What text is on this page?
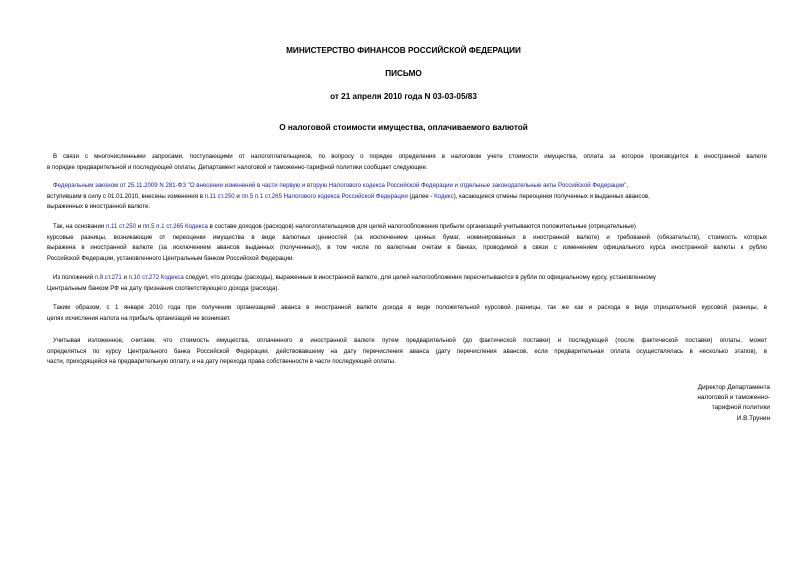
МИНИСТЕРСТВО ФИНАНСОВ РОССИЙСКОЙ ФЕДЕРАЦИИ
ПИСЬМО
от 21 апреля 2010 года N 03-03-05/83
О налоговой стоимости имущества, оплачиваемого валютой
В связи с многочисленными запросами, поступающими от налогоплательщиков, по вопросу о порядке определения в налоговом учете стоимости имущества, оплата за которое производится в иностранной валюте
в порядке предварительной и последующей оплаты, Департамент налоговой и таможенно-тарифной политики сообщает следующее.
Федеральным законом от 25.11.2009 N 281-ФЗ "О внесении изменений в части первую и вторую Налогового кодекса Российской Федерации и отдельные законодательные акты Российской Федерации",
вступившим в силу с 01.01.2010, внесены изменения в п.11 ст.250 и пп.5 п.1 ст.265 Налогового кодекса Российской Федерации (далее - Кодекс), касающиеся отмены переоценки полученных и выданных авансов,
выраженных в иностранной валюте.
Так, на основании п.11 ст.250 и пп.5 п.1 ст.265 Кодекса в составе доходов (расходов) налогоплательщиков для целей налогообложения прибыли организаций учитываются положительные (отрицательные)
курсовые разницы, возникающие от переоценки имущества в виде валютных ценностей (за исключением ценных бумаг, номинированных в иностранной валюте) и требований (обязательств), стоимость которых
выражена в иностранной валюте (за исключением авансов выданных (полученных)), в том числе по валютным счетам в банках, проводимой в связи с изменением официального курса иностранной валюты к рублю
Российской Федерации, установленного Центральным банком Российской Федерации.
Из положений п.8 ст.271 и п.10 ст.272 Кодекса следует, что доходы (расходы), выраженные в иностранной валюте, для целей налогообложения пересчитываются в рубли по официальному курсу, установленному
Центральным банком РФ на дату признания соответствующего дохода (расхода).
Таким образом, с 1 января 2010 года при получении организацией аванса в иностранной валюте дохода в виде положительной курсовой разницы, так же как и расхода в виде отрицательной курсовой разницы, в
целях исчисления налога на прибыль организаций не возникает.
Учитывая изложенное, считаем, что стоимость имущества, оплаченного в иностранной валюте путем предварительной (до фактической поставки) и последующей (после фактической поставки) оплаты, может
определяться по курсу Центрального банка Российской Федерации, действовавшему на дату перечисления аванса (дату перечисления авансов, если предварительная оплата осуществлялась в несколько этапов), в
части, приходящейся на предварительную оплату, и на дату перехода права собственности в части последующей оплаты.
Директор Департамента
налоговой и таможенно-
тарифной политики
И.В.Трунин
